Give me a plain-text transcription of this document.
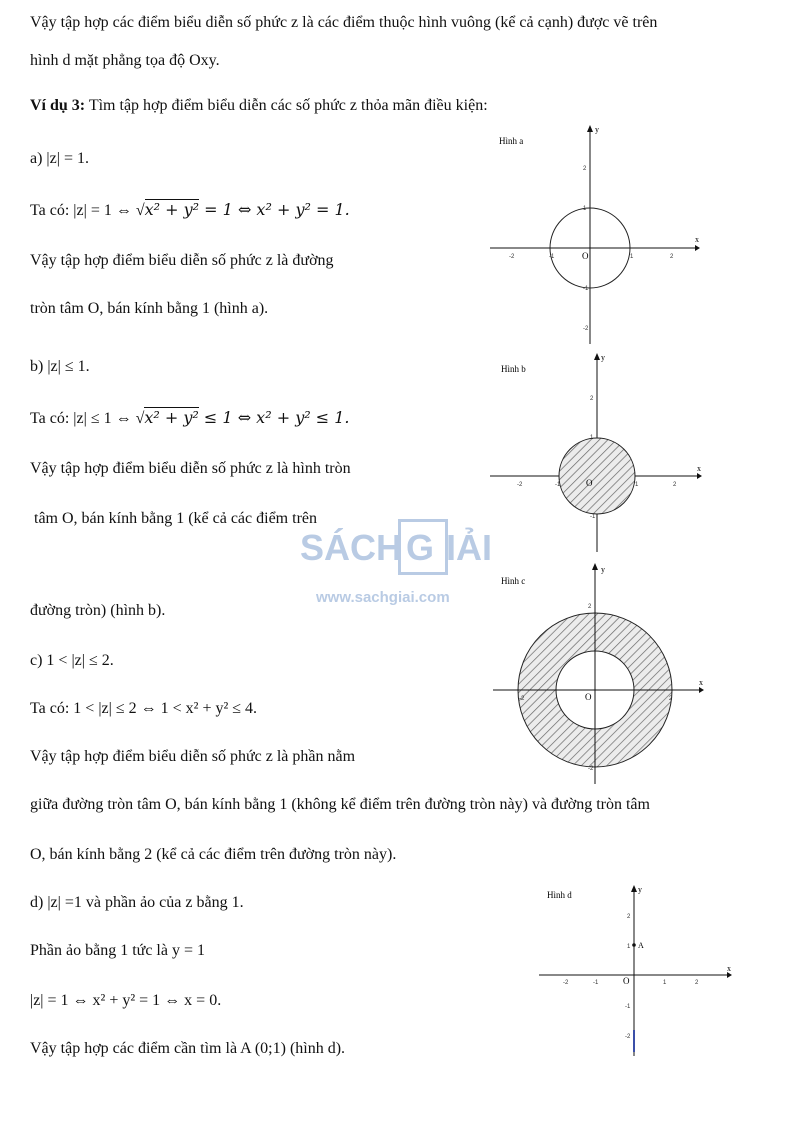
Vậy tập hợp các điểm biểu diễn số phức z là các điểm thuộc hình vuông (kể cả cạnh) được vẽ trên
hình d mặt phẳng tọa độ Oxy.
Ví dụ 3: Tìm tập hợp điểm biểu diễn các số phức z thỏa mãn điều kiện:
a) |z| = 1.
Ta có: |z| = 1 ⇔ √x² + y² = 1 ⇔ x² + y² = 1.
Vậy tập hợp điểm biểu diễn số phức z là đường
tròn tâm O, bán kính bằng 1 (hình a).
b) |z| ≤ 1.
Ta có: |z| ≤ 1 ⇔ √x² + y² ≤ 1 ⇔ x² + y² ≤ 1.
Vậy tập hợp điểm biểu diễn số phức z là hình tròn
tâm O, bán kính bằng 1 (kể cả các điểm trên
đường tròn) (hình b).
c) 1 < |z| ≤ 2.
Ta có: 1 < |z| ≤ 2 ⇔ 1 < x² + y² ≤ 4.
Vậy tập hợp điểm biểu diễn số phức z là phần nằm
giữa đường tròn tâm O, bán kính bằng 1 (không kể điểm trên đường tròn này) và đường tròn tâm
O, bán kính bằng 2 (kể cả các điểm trên đường tròn này).
d) |z| =1 và phần ảo của z bằng 1.
Phần ảo bằng 1 tức là y = 1
|z| = 1 ⇔ x² + y² = 1 ⇔ x = 0.
Vậy tập hợp các điểm cần tìm là A (0;1) (hình d).
SÁCH G IẢI
www.sachgiai.com
Hình a
x
y
O
2
1
-1
-2
-2	-1	1	2
Hình b
x
y
O
2
1
-1
-2	-1	1	2
Hình c
x
y
O
2
-2
-2	2
Hình d
x
y
O
A
2
1
-1
-2
-2	-1	1	2
